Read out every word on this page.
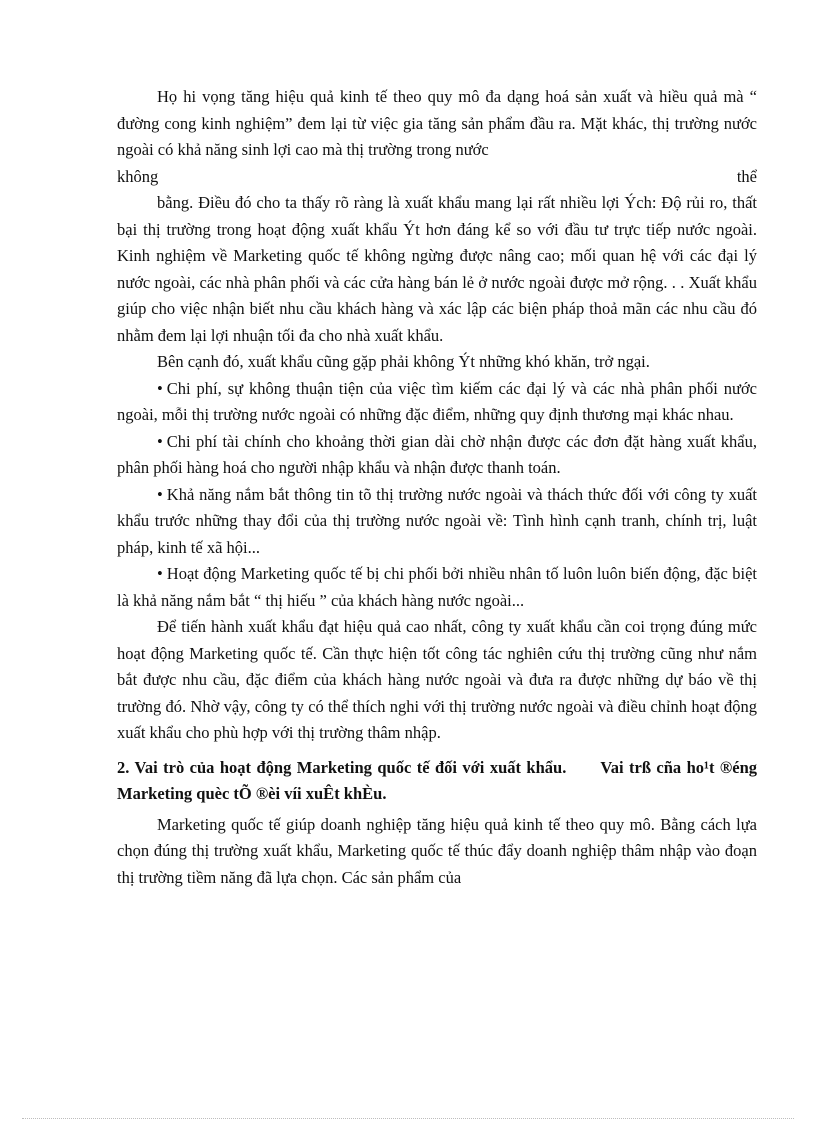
Họ hi vọng tăng hiệu quả kinh tế theo quy mô đa dạng hoá sản xuất và hiều quả mà “ đường cong kinh nghiệm” đem lại từ việc gia tăng sản phẩm đầu ra. Mặt khác, thị trường nước ngoài có khả năng sinh lợi cao mà thị trường trong nước

không	thể

bằng. Điều đó cho ta thấy rõ ràng là xuất khẩu mang lại rất nhiều lợi Ých: Độ rủi ro, thất bại thị trường trong hoạt động xuất khẩu Ýt hơn đáng kể so với đầu tư trực tiếp nước ngoài. Kinh nghiệm về Marketing quốc tế không ngừng được nâng cao; mối quan hệ với các đại lý nước ngoài, các nhà phân phối và các cửa hàng bán lẻ ở nước ngoài được mở rộng. . . Xuất khẩu giúp cho việc nhận biết nhu cầu khách hàng và xác lập các biện pháp thoả mãn các nhu cầu đó nhằm đem lại lợi nhuận tối đa cho nhà xuất khẩu.

Bên cạnh đó, xuất khẩu cũng gặp phải không Ýt những khó khăn, trở ngại.

• Chi phí, sự không thuận tiện của việc tìm kiếm các đại lý và các nhà phân phối nước ngoài, mỗi thị trường nước ngoài có những đặc điểm, những quy định thương mại khác nhau.

• Chi phí tài chính cho khoảng thời gian dài chờ nhận được các đơn đặt hàng xuất khẩu, phân phối hàng hoá cho người nhập khẩu và nhận được thanh toán.

• Khả năng nắm bắt thông tin tõ thị trường nước ngoài và thách thức đối với công ty xuất khẩu trước những thay đổi của thị trường nước ngoài về: Tình hình cạnh tranh, chính trị, luật pháp, kinh tế xã hội...

• Hoạt động Marketing quốc tế bị chi phối bởi nhiều nhân tố luôn luôn biến động, đặc biệt là khả năng nắm bắt “ thị hiếu ” của khách hàng nước ngoài...

Để tiến hành xuất khẩu đạt hiệu quả cao nhất, công ty xuất khẩu cần coi trọng đúng mức hoạt động Marketing quốc tế. Cần thực hiện tốt công tác nghiên cứu thị trường cũng như nắm bắt được nhu cầu, đặc điểm của khách hàng nước ngoài và đưa ra được những dự báo về thị trường đó. Nhờ vậy, công ty có thể thích nghi với thị trường nước ngoài và điều chỉnh hoạt động xuất khẩu cho phù hợp với thị trường thâm nhập.

2. Vai trò của hoạt động Marketing quốc tế đối với xuất khẩu. Vai trß cña ho¹t ®éng Marketing quèc tÕ ®èi víi xuÊt khÈu.

Marketing quốc tế giúp doanh nghiệp tăng hiệu quả kinh tế theo quy mô. Bằng cách lựa chọn đúng thị trường xuất khẩu, Marketing quốc tế thúc đẩy doanh nghiệp thâm nhập vào đoạn thị trường tiềm năng đã lựa chọn. Các sản phẩm của
